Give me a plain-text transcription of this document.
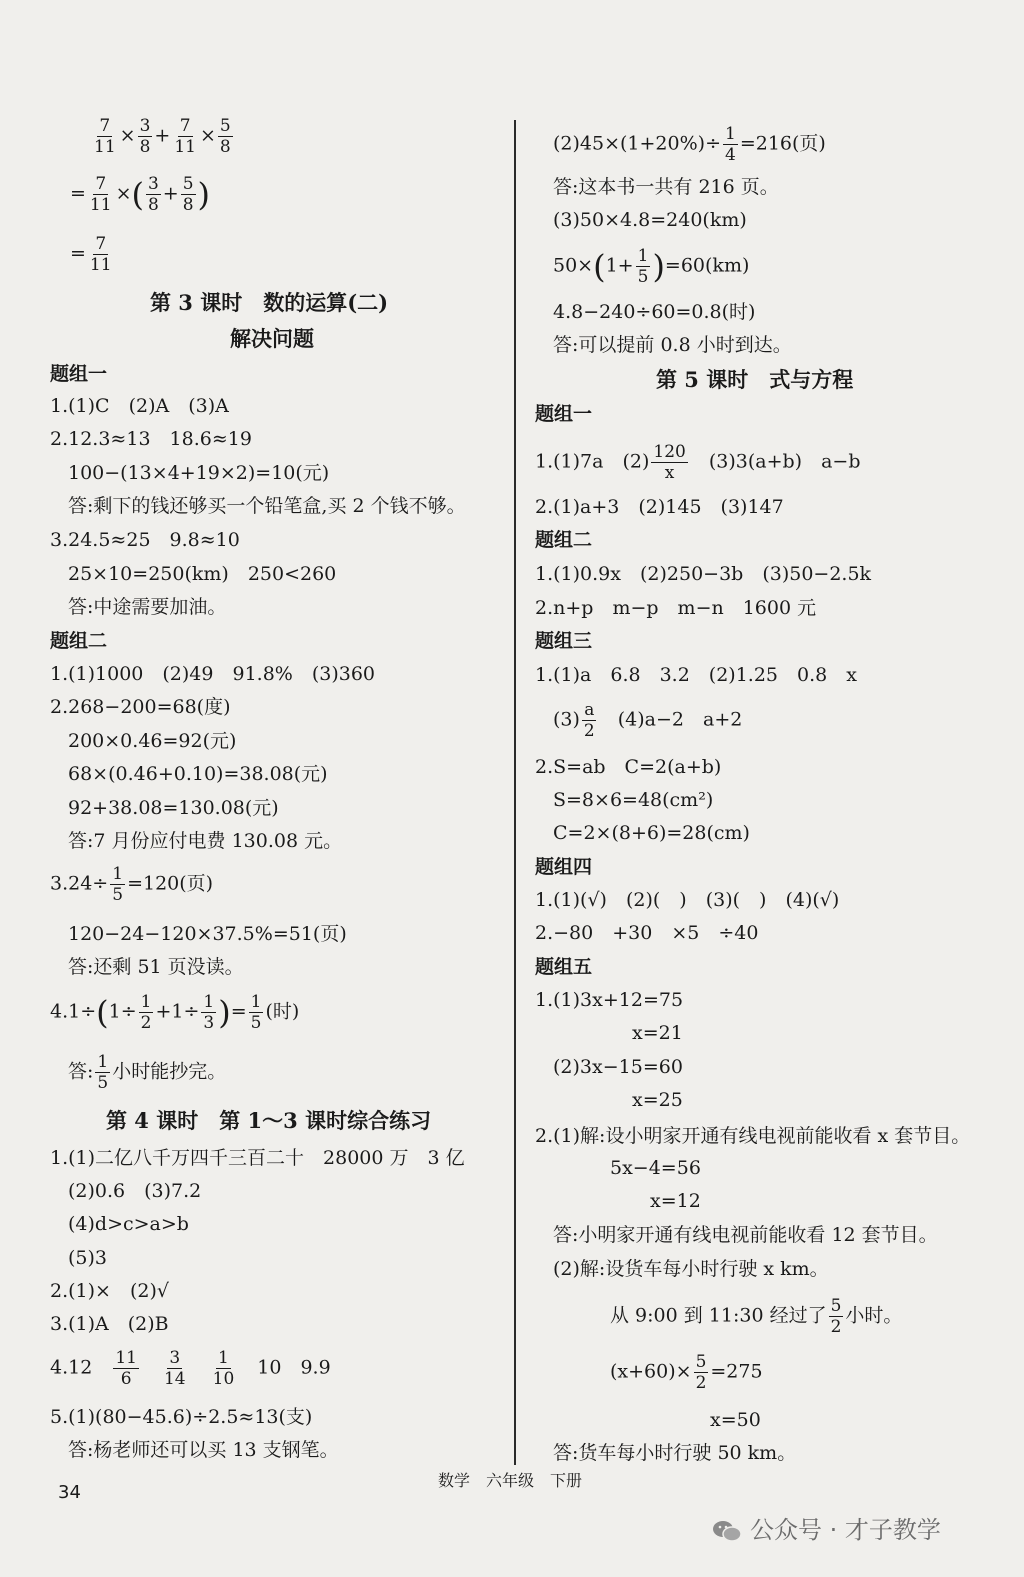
$\frac{7}{11} \times \frac{3}{8} + \frac{7}{11} \times \frac{5}{8}$
= $\frac{7}{11}$ ×( $\frac{3}{8} + \frac{5}{8}$ )
= $\frac{7}{11}$
第 3 课时　数的运算(二)
解决问题
题组一
1.(1)C　(2)A　(3)A
2.12.3≈13　18.6≈19
100−(13×4+19×2)=10(元)
答:剩下的钱还够买一个铅笔盒,买 2 个钱不够。
3.24.5≈25　9.8≈10
25×10=250(km)　250<260
答:中途需要加油。
题组二
1.(1)1000　(2)49　91.8%　(3)360
2.268−200=68(度)
200×0.46=92(元)
68×(0.46+0.10)=38.08(元)
92+38.08=130.08(元)
答:7 月份应付电费 130.08 元。
$3.24\div \frac{1}{5} =120$(页)
120−24−120×37.5%=51(页)
答:还剩 51 页没读。
$4.1\div(1\div \frac{1}{2} +1\div \frac{1}{3}$ )= $\frac{1}{5}$ (时)
答: $\frac{1}{5}$ 小时能抄完。
第 4 课时　第 1～3 课时综合练习
1.(1)二亿八千万四千三百二十　28000 万　3 亿
(2)0.6　(3)7.2
(4)d>c>a>b
(5)3
2.(1)×　(2)√
3.(1)A　(2)B
4.12　 $\frac{11}{6}$
　 $\frac{3}{14}$
　 $\frac{1}{10}$
　 10　9.9
5.(1)(80−45.6)÷2.5≈13(支)
答:杨老师还可以买 13 支钢笔。
$(2)45\times(1+20\%)\div \frac{1}{4} =216$(页)
答:这本书一共有 216 页。
(3)50×4.8=240(km)
$50\times(1+ \frac{1}{5} )=60(km)$
4.8−240÷60=0.8(时)
答:可以提前 0.8 小时到达。
第 5 课时　式与方程
题组一
1.(1)7a　$(2) \frac{120}{x}$ 　(3)3(a+b)　a−b
2.(1)a+3　(2)145　(3)147
题组二
1.(1)0.9x　(2)250−3b　(3)50−2.5k
2.n+p　m−p　m−n　1600 元
题组三
1.(1)a　6.8　3.2　(2)1.25　0.8　x
$(3) \frac{a}{2}$ 　(4)a−2　a+2
2.S=ab　C=2(a+b)
S=8×6=48(cm²)
C=2×(8+6)=28(cm)
题组四
1.(1)(√)　(2)(　)　(3)(　)　(4)(√)
2.−80　+30　×5　÷40
题组五
1.(1)3x+12=75
x=21
(2)3x−15=60
x=25
2.(1)解:设小明家开通有线电视前能收看 x 套节目。
5x−4=56
x=12
答:小明家开通有线电视前能收看 12 套节目。
(2)解:设货车每小时行驶 x km。
从 9:00 到 11:30 经过了 $\frac{5}{2}$ 小时。
$(x+60)\times \frac{5}{2} =275$
x=50
答:货车每小时行驶 50 km。
34
数学　六年级　下册
公众号 · 才子教学
